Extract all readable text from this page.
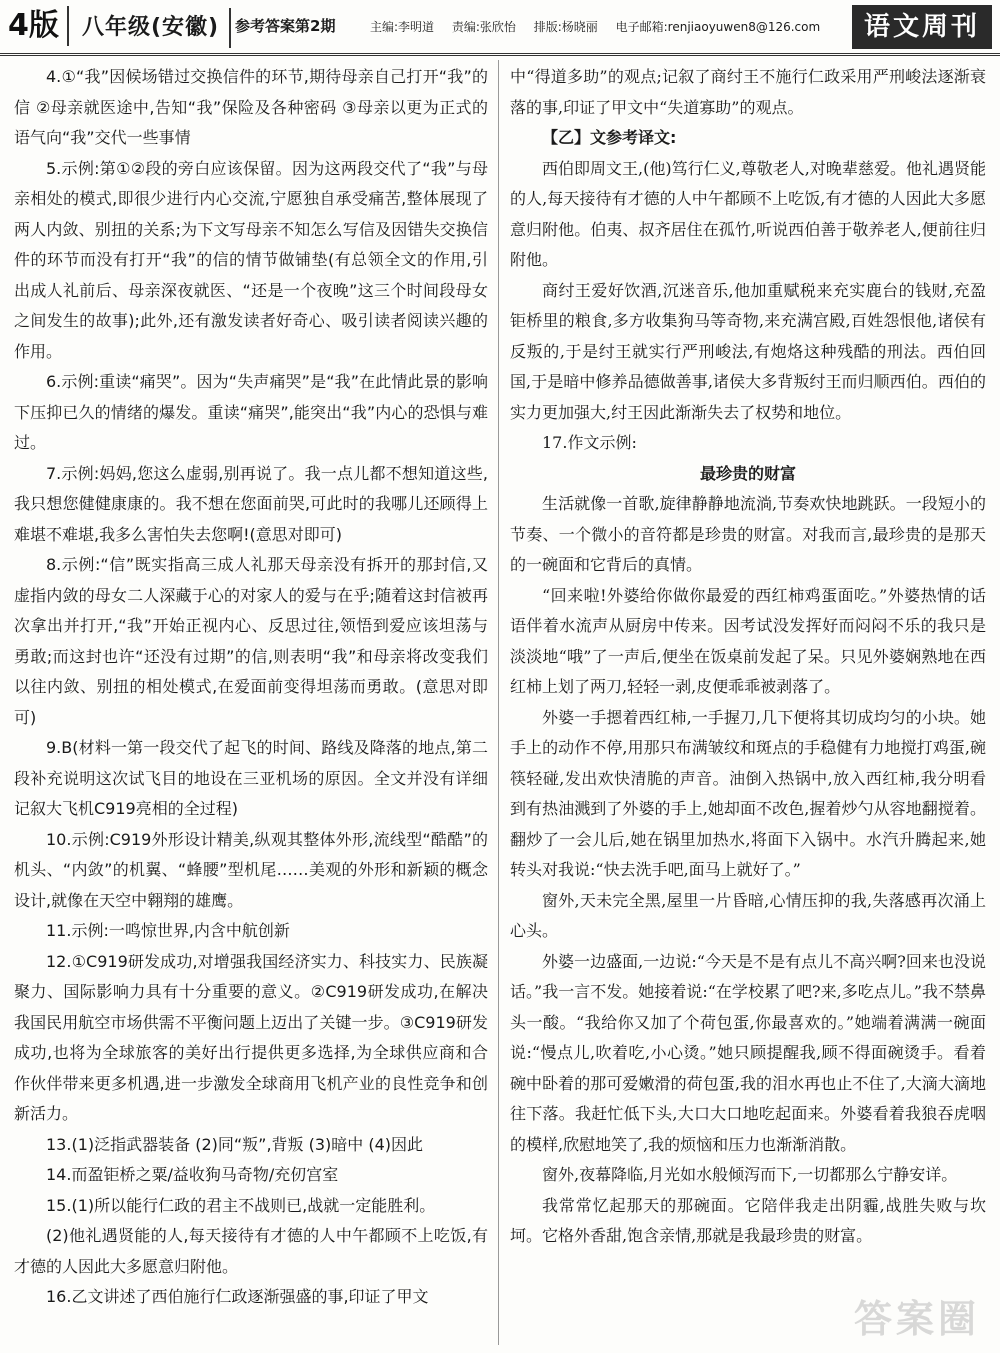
4版	八年级(安徽)	参考答案第2期	主编:李明道 责编:张欣怡 排版:杨晓丽 电子邮箱:renjiaoyuwen8@126.com	语文周刊

4.①“我”因候场错过交换信件的环节,期待母亲自己打开“我”的信 ②母亲就医途中,告知“我”保险及各种密码 ③母亲以更为正式的语气向“我”交代一些事情

5.示例:第①②段的旁白应该保留。因为这两段交代了“我”与母亲相处的模式,即很少进行内心交流,宁愿独自承受痛苦,整体展现了两人内敛、别扭的关系;为下文写母亲不知怎么写信及因错失交换信件的环节而没有打开“我”的信的情节做铺垫(有总领全文的作用,引出成人礼前后、母亲深夜就医、“还是一个夜晚”这三个时间段母女之间发生的故事);此外,还有激发读者好奇心、吸引读者阅读兴趣的作用。

6.示例:重读“痛哭”。因为“失声痛哭”是“我”在此情此景的影响下压抑已久的情绪的爆发。重读“痛哭”,能突出“我”内心的恐惧与难过。

7.示例:妈妈,您这么虚弱,别再说了。我一点儿都不想知道这些,我只想您健健康康的。我不想在您面前哭,可此时的我哪儿还顾得上难堪不难堪,我多么害怕失去您啊!(意思对即可)

8.示例:“信”既实指高三成人礼那天母亲没有拆开的那封信,又虚指内敛的母女二人深藏于心的对家人的爱与在乎;随着这封信被再次拿出并打开,“我”开始正视内心、反思过往,领悟到爱应该坦荡与勇敢;而这封也许“还没有过期”的信,则表明“我”和母亲将改变我们以往内敛、别扭的相处模式,在爱面前变得坦荡而勇敢。(意思对即可)

9.B(材料一第一段交代了起飞的时间、路线及降落的地点,第二段补充说明这次试飞目的地设在三亚机场的原因。全文并没有详细记叙大飞机C919亮相的全过程)

10.示例:C919外形设计精美,纵观其整体外形,流线型“酷酷”的机头、“内敛”的机翼、“蜂腰”型机尾……美观的外形和新颖的概念设计,就像在天空中翱翔的雄鹰。

11.示例:一鸣惊世界,内含中航创新

12.①C919研发成功,对增强我国经济实力、科技实力、民族凝聚力、国际影响力具有十分重要的意义。②C919研发成功,在解决我国民用航空市场供需不平衡问题上迈出了关键一步。③C919研发成功,也将为全球旅客的美好出行提供更多选择,为全球供应商和合作伙伴带来更多机遇,进一步激发全球商用飞机产业的良性竞争和创新活力。

13.(1)泛指武器装备 (2)同“叛”,背叛 (3)暗中 (4)因此

14.而盈钜桥之粟/益收狗马奇物/充仞宫室

15.(1)所以能行仁政的君主不战则已,战就一定能胜利。

(2)他礼遇贤能的人,每天接待有才德的人中午都顾不上吃饭,有才德的人因此大多愿意归附他。

16.乙文讲述了西伯施行仁政逐渐强盛的事,印证了甲文

中“得道多助”的观点;记叙了商纣王不施行仁政采用严刑峻法逐渐衰落的事,印证了甲文中“失道寡助”的观点。

【乙】文参考译文:

西伯即周文王,(他)笃行仁义,尊敬老人,对晚辈慈爱。他礼遇贤能的人,每天接待有才德的人中午都顾不上吃饭,有才德的人因此大多愿意归附他。伯夷、叔齐居住在孤竹,听说西伯善于敬养老人,便前往归附他。

商纣王爱好饮酒,沉迷音乐,他加重赋税来充实鹿台的钱财,充盈钜桥里的粮食,多方收集狗马等奇物,来充满宫殿,百姓怨恨他,诸侯有反叛的,于是纣王就实行严刑峻法,有炮烙这种残酷的刑法。西伯回国,于是暗中修养品德做善事,诸侯大多背叛纣王而归顺西伯。西伯的实力更加强大,纣王因此渐渐失去了权势和地位。

17.作文示例:

最珍贵的财富

生活就像一首歌,旋律静静地流淌,节奏欢快地跳跃。一段短小的节奏、一个微小的音符都是珍贵的财富。对我而言,最珍贵的是那天的一碗面和它背后的真情。

“回来啦!外婆给你做你最爱的西红柿鸡蛋面吃。”外婆热情的话语伴着水流声从厨房中传来。因考试没发挥好而闷闷不乐的我只是淡淡地“哦”了一声后,便坐在饭桌前发起了呆。只见外婆娴熟地在西红柿上划了两刀,轻轻一剥,皮便乖乖被剥落了。

外婆一手摁着西红柿,一手握刀,几下便将其切成均匀的小块。她手上的动作不停,用那只布满皱纹和斑点的手稳健有力地搅打鸡蛋,碗筷轻碰,发出欢快清脆的声音。油倒入热锅中,放入西红柿,我分明看到有热油溅到了外婆的手上,她却面不改色,握着炒勺从容地翻搅着。翻炒了一会儿后,她在锅里加热水,将面下入锅中。水汽升腾起来,她转头对我说:“快去洗手吧,面马上就好了。”

窗外,天未完全黑,屋里一片昏暗,心情压抑的我,失落感再次涌上心头。

外婆一边盛面,一边说:“今天是不是有点儿不高兴啊?回来也没说话。”我一言不发。她接着说:“在学校累了吧?来,多吃点儿。”我不禁鼻头一酸。“我给你又加了个荷包蛋,你最喜欢的。”她端着满满一碗面说:“慢点儿,吹着吃,小心烫。”她只顾提醒我,顾不得面碗烫手。看着碗中卧着的那可爱嫩滑的荷包蛋,我的泪水再也止不住了,大滴大滴地往下落。我赶忙低下头,大口大口地吃起面来。外婆看着我狼吞虎咽的模样,欣慰地笑了,我的烦恼和压力也渐渐消散。

窗外,夜幕降临,月光如水般倾泻而下,一切都那么宁静安详。

我常常忆起那天的那碗面。它陪伴我走出阴霾,战胜失败与坎坷。它格外香甜,饱含亲情,那就是我最珍贵的财富。

答案圈
